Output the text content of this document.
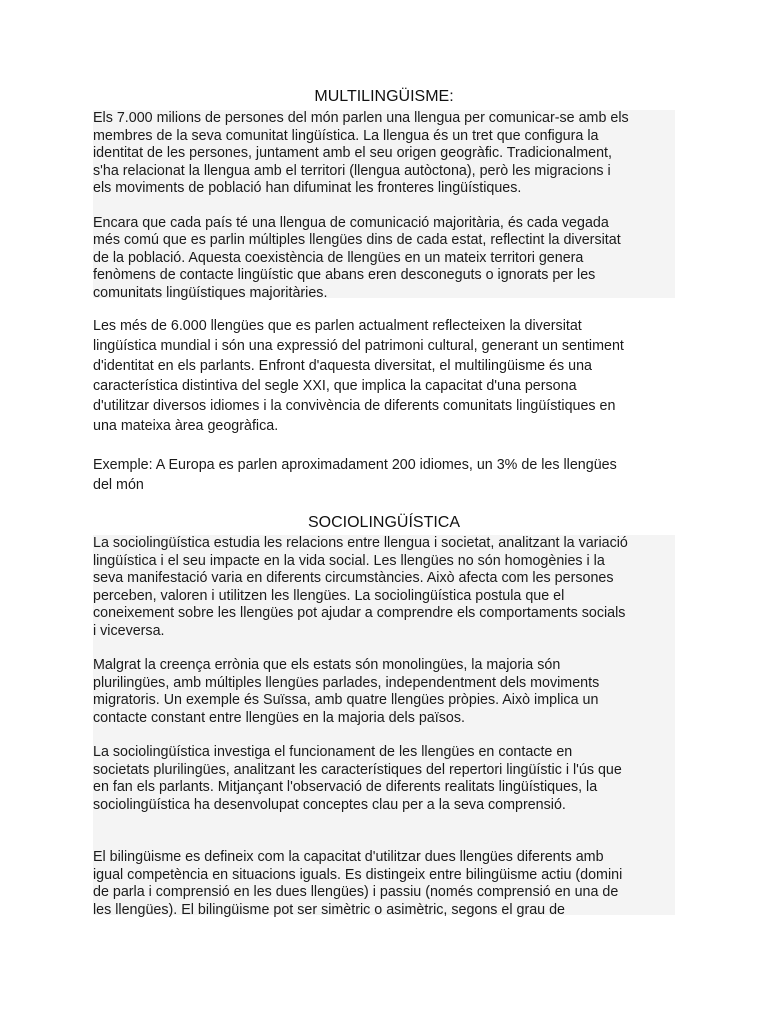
MULTILINGÜISME:

Els 7.000 milions de persones del món parlen una llengua per comunicar-se amb els
membres de la seva comunitat lingüística. La llengua és un tret que configura la
identitat de les persones, juntament amb el seu origen geogràfic. Tradicionalment,
s'ha relacionat la llengua amb el territori (llengua autòctona), però les migracions i
els moviments de població han difuminat les fronteres lingüístiques.

Encara que cada país té una llengua de comunicació majoritària, és cada vegada
més comú que es parlin múltiples llengües dins de cada estat, reflectint la diversitat
de la població. Aquesta coexistència de llengües en un mateix territori genera
fenòmens de contacte lingüístic que abans eren desconeguts o ignorats per les
comunitats lingüístiques majoritàries.

Les més de 6.000 llengües que es parlen actualment reflecteixen la diversitat
lingüística mundial i són una expressió del patrimoni cultural, generant un sentiment
d'identitat en els parlants. Enfront d'aquesta diversitat, el multilingüisme és una
característica distintiva del segle XXI, que implica la capacitat d'una persona
d'utilitzar diversos idiomes i la convivència de diferents comunitats lingüístiques en
una mateixa àrea geogràfica.

Exemple: A Europa es parlen aproximadament 200 idiomes, un 3% de les llengües
del món

SOCIOLINGÜÍSTICA

La sociolingüística estudia les relacions entre llengua i societat, analitzant la variació
lingüística i el seu impacte en la vida social. Les llengües no són homogènies i la
seva manifestació varia en diferents circumstàncies. Això afecta com les persones
perceben, valoren i utilitzen les llengües. La sociolingüística postula que el
coneixement sobre les llengües pot ajudar a comprendre els comportaments socials
i viceversa.

Malgrat la creença errònia que els estats són monolingües, la majoria són
plurilingües, amb múltiples llengües parlades, independentment dels moviments
migratoris. Un exemple és Suïssa, amb quatre llengües pròpies. Això implica un
contacte constant entre llengües en la majoria dels països.

La sociolingüística investiga el funcionament de les llengües en contacte en
societats plurilingües, analitzant les característiques del repertori lingüístic i l'ús que
en fan els parlants. Mitjançant l'observació de diferents realitats lingüístiques, la
sociolingüística ha desenvolupat conceptes clau per a la seva comprensió.

El bilingüisme es defineix com la capacitat d'utilitzar dues llengües diferents amb
igual competència en situacions iguals. Es distingeix entre bilingüisme actiu (domini
de parla i comprensió en les dues llengües) i passiu (només comprensió en una de
les llengües). El bilingüisme pot ser simètric o asimètric, segons el grau de
